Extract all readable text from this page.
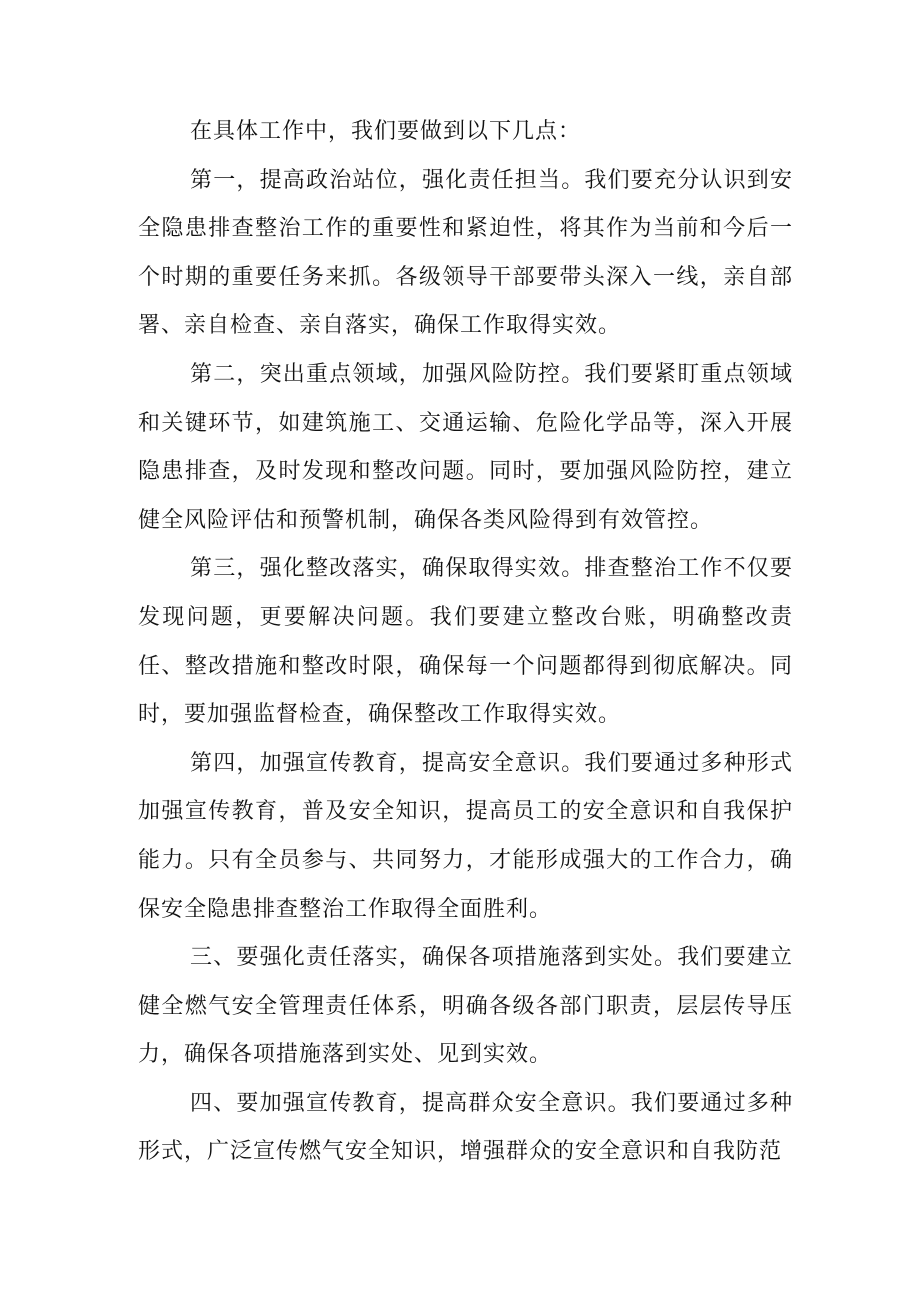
在具体工作中，我们要做到以下几点：

第一，提高政治站位，强化责任担当。我们要充分认识到安全隐患排查整治工作的重要性和紧迫性，将其作为当前和今后一个时期的重要任务来抓。各级领导干部要带头深入一线，亲自部署、亲自检查、亲自落实，确保工作取得实效。

第二，突出重点领域，加强风险防控。我们要紧盯重点领域和关键环节，如建筑施工、交通运输、危险化学品等，深入开展隐患排查，及时发现和整改问题。同时，要加强风险防控，建立健全风险评估和预警机制，确保各类风险得到有效管控。

第三，强化整改落实，确保取得实效。排查整治工作不仅要发现问题，更要解决问题。我们要建立整改台账，明确整改责任、整改措施和整改时限，确保每一个问题都得到彻底解决。同时，要加强监督检查，确保整改工作取得实效。

第四，加强宣传教育，提高安全意识。我们要通过多种形式加强宣传教育，普及安全知识，提高员工的安全意识和自我保护能力。只有全员参与、共同努力，才能形成强大的工作合力，确保安全隐患排查整治工作取得全面胜利。

三、要强化责任落实，确保各项措施落到实处。我们要建立健全燃气安全管理责任体系，明确各级各部门职责，层层传导压力，确保各项措施落到实处、见到实效。

四、要加强宣传教育，提高群众安全意识。我们要通过多种形式，广泛宣传燃气安全知识，增强群众的安全意识和自我防范
